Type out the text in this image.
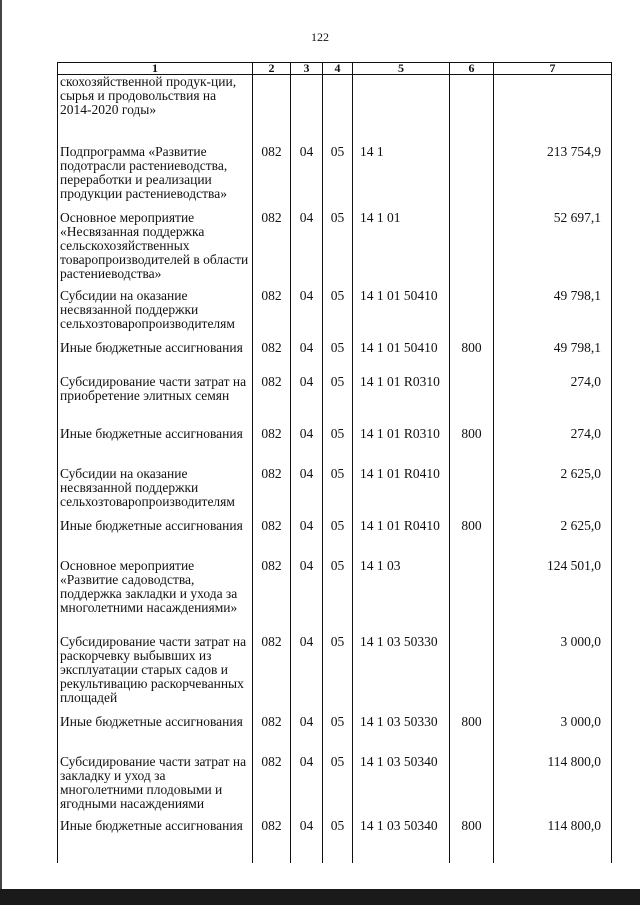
122
1	2	3	4	5	6	7
скохозяйственной продук-ции, сырья и продовольствия на 2014-2020 годы»						
Подпрограмма «Развитие подотрасли растениеводства, переработки и реализации продукции растениеводства»	082	04	05	14 1		213 754,9
Основное мероприятие «Несвязанная поддержка сельскохозяйственных товаропроизводителей в области растениеводства»	082	04	05	14 1 01		52 697,1
Субсидии на оказание несвязанной поддержки сельхозтоваропроизводителям	082	04	05	14 1 01 50410		49 798,1
Иные бюджетные ассигнования	082	04	05	14 1 01 50410	800	49 798,1
Субсидирование части затрат на приобретение элитных семян	082	04	05	14 1 01 R0310		274,0
Иные бюджетные ассигнования	082	04	05	14 1 01 R0310	800	274,0
Субсидии на оказание несвязанной поддержки сельхозтоваропроизводителям	082	04	05	14 1 01 R0410		2 625,0
Иные бюджетные ассигнования	082	04	05	14 1 01 R0410	800	2 625,0
Основное мероприятие «Развитие садоводства, поддержка закладки и ухода за многолетними насаждениями»	082	04	05	14 1 03		124 501,0
Субсидирование части затрат на раскорчевку выбывших из эксплуатации старых садов и рекультивацию раскорчеванных площадей	082	04	05	14 1 03 50330		3 000,0
Иные бюджетные ассигнования	082	04	05	14 1 03 50330	800	3 000,0
Субсидирование части затрат на закладку и уход за многолетними плодовыми и ягодными насаждениями	082	04	05	14 1 03 50340		114 800,0
Иные бюджетные ассигнования	082	04	05	14 1 03 50340	800	114 800,0
